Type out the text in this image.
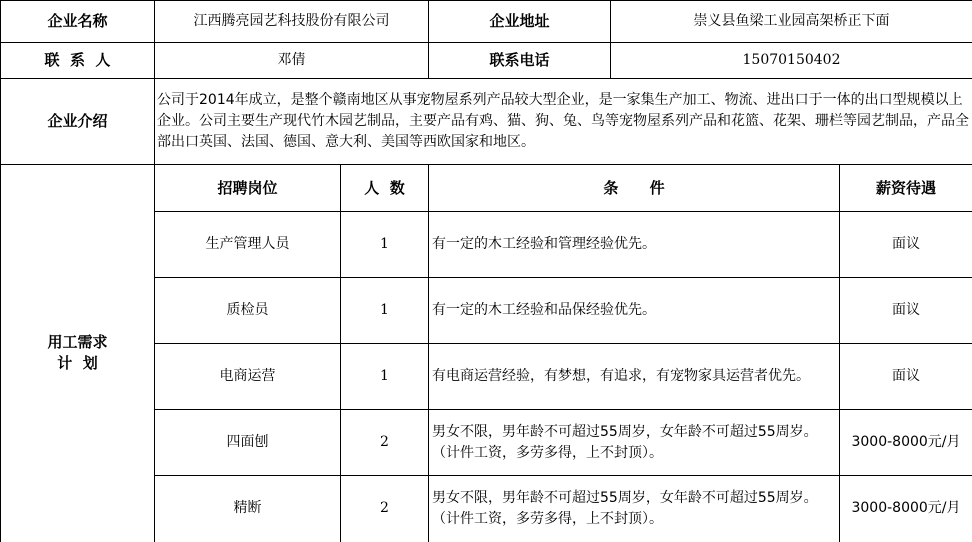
企业名称	江西腾亮园艺科技股份有限公司		企业地址	崇义县鱼梁工业园高架桥正下面	
联  系  人	邓倩		联系电话	15070150402	
企业介绍	公司于2014年成立，是整个赣南地区从事宠物屋系列产品较大型企业，是一家集生产加工、物流、进出口于一体的出口型规模以上企业。公司主要生产现代竹木园艺制品，主要产品有鸡、猫、狗、兔、鸟等宠物屋系列产品和花篮、花架、珊栏等园艺制品，产品全部出口英国、法国、德国、意大利、美国等西欧国家和地区。				

用工需求
计  划	招聘岗位	人  数	条      件		薪资待遇
	生产管理人员	1	有一定的木工经验和管理经验优先。		面议
	质检员	1	有一定的木工经验和品保经验优先。		面议
	电商运营	1	有电商运营经验，有梦想，有追求，有宠物家具运营者优先。		面议
	四面刨	2	男女不限，男年龄不可超过55周岁，女年龄不可超过55周岁。（计件工资，多劳多得，上不封顶）。		3000-8000元/月
	精断	2	男女不限，男年龄不可超过55周岁，女年龄不可超过55周岁。（计件工资，多劳多得，上不封顶）。		3000-8000元/月
